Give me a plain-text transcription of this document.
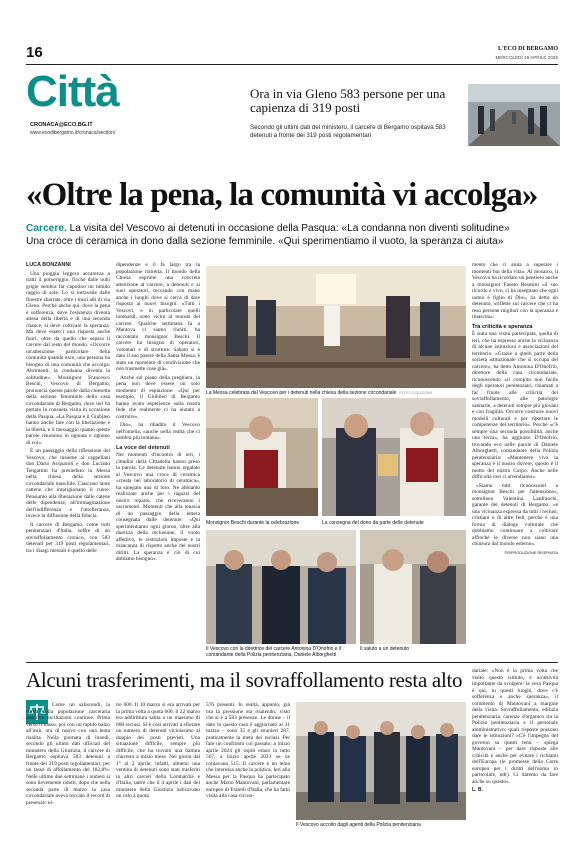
16	L'ECO DI BERGAMO
MERCOLEDÌ 16 APRILE 2025
Città
CRONACA@ECO.BG.IT
www.ecodibergamo.it/cronaca/section/
Ora in via Gleno 583 persone per una capienza di 319 posti
Secondo gli ultimi dati del ministero, il carcere di Bergamo ospitava 583 detenuti a fronte dei 319 posti regolamentari
«Oltre la pena, la comunità vi accolga»
Carcere. La visita del Vescovo ai detenuti in occasione della Pasqua: «La condanna non diventi solitudine»
Una croce di ceramica in dono dalla sezione femminile. «Qui sperimentiamo il vuoto, la speranza ci aiuta»
LUCA BONZANNI

Una pioggia leggera accarezza a tratti il pomeriggio, finché dalle nubi grigie sembra far capolino un timido raggio di sole. Lo si intravede dalle finestre sbarrate, oltre i muri alti di via Gleno. Perché anche qui, dove la pena è sofferenza, dove l'esistenza diventa attesa della libertà e di una seconda chance, si deve coltivare la speranza. Ma deve esserci una risposta anche fuori, oltre da quello che separa il carcere dal resto del mondo. «Occorre un'attenzione particolare della comunità quando esce, una persona ha bisogno di una comunità che accolga. Altrimenti, la condanna diventa la solitudine». Monsignor Francesco Beschi, Vescovo di Bergamo, pronuncia queste parole dalla chiesetta della sezione femminile della casa circondariale di Bergamo, dove ieri ha portato la consueta visita in occasione della Pasqua. «La Pasqua e il Giubileo hanno anche fare con la liberazione e la libertà, e il messaggio quanto queste parole risuonino in ognuna e ognuno di voi».

È un passaggio della riflessione del Vescovo, che insieme ai cappellani don Dario Acquaroli e don Luciano Tengattini ha presieduto la Messa nella chiesa della sezione circondariale maschile. Ciascuno tante cattene che imprigionano il cuore. Pensiamo alla liberazione dalle catene delle dipendenze, all'immaginazione dell'indifferenza e l'intolleranza, invece la diffusione della fiducia.

Il carcere di Bergamo, come tutti penitenziari d'Italia, soffre di un sovraffollamento cronico, con 583 detenuti per 319 posti regolamentari, tra i disagi mentali e quello delle

dipendenze e il fa largo tra la popolazione ristretta. Il mondo della Chiesa esprime una concreta attenzione al carcere, a detenuti e ai suoi operatori, toccando con mano anche i luoghi dove si cerca di dare risposta ai nuovi bisogni: «Tutti i Vescovi, e in particolare quelli lombardi, sono vicini al mondo del carcere. Qualche settimana fa a Mantova ci siamo riuniti, ha raccontato monsignor Beschi. Il carcere ha bisogno di operatori, volontari e di strutture. Sabato si è dato il suo parere della Santa Messa, è stato un momento di condivisione che non trasmette cose già».

Anche sul piano della preghiera, la pena non deve essere un solo momento di espiazione: «Qui per esempio, il Giubileo di Bergamo hanno avuto esperienze sulla nostra fede che realmente ci ha aiutato a costruire».

Dio», ha ribadito il Vescovo nell'omelia, «anche nella realtà che ci sembra più lontana».

La voce dei detenuti

Nei momenti d'incontro di ieri, i cittadini della Cittadella hanno preso la parola. Le detenute hanno regalato al Vescovo una croce di ceramica «creata nel laboratorio di ceramica», ha spiegato una di loro. Ne abbiamo realizzate anche per i ragazzi del nostro reparto, che riceveranno i sacramenti. Momenti che alla tenacia di un passaggio della lettera consegnata dalle detenute: «Qui sperimentiamo ogni giorno, oltre alla durezza della reclusione, il vuoto affettivo, le restrizioni imposte e la mancanza di rispetto anche dei nostri diritti. La speranza è ciò di cui abbiamo bisogno».

La Messa celebrata dal Vescovo per i detenuti nella chiesa della sezione circondariale FOTO COLLEONI
Monsignor Beschi durante la celebrazione	La consegna del dono da parte delle detenute
Il Vescovo con la direttrice del carcere Antonina D'Onofrio e il comandante della Polizia penitenziaria, Daniele Alborghetti
Il saluto a un detenuto

mento che ci aiuta a superare i momenti bui della vita». Al mosaico, il Vescovo ha ricordato un pensiero anche a monsignor Fausto Resmini «il suo ricordo è vivo, ci ha insegnato che ogni uomo è figlio di Dio», ha detto un detenuto, «riflette sul carcere che ci ha reso persone migliori con la speranza e rinascita».

Tra criticità e speranza

È stata una visita partecipata, quella di ieri, che ha espresso anche la vicinanza di alcune istituzioni e associazioni del territorio. «Grazie a quelli parte della società istituzionale che si occupa del carcere», ha detto Antonina D'Onofrio, direttore della casa circondariale, riconoscendo «il compito non facile degli operatori penitenziari, chiamati a far fronte alle criticità del sovraffollamento, alle patologie sanitarie, a detenuti sempre più giovani e con fragilità. Occorre costruire nuovi modelli culturali e per riportare le competenze del territorio». Perché «c'è sempre una seconda possibilità, anche una terza», ha aggiunto D'Onofrio, trovando eco nelle parole di Daniele Alborghetti, comandante della Polizia penitenziaria: «Mantenere viva la speranza è il nostro dovere, questo è il motto del nostro Corpo. Anche nelle difficoltà non ci arrendiamo».

«Siamo tutti riconoscenti a monsignor Beschi per l'attenzione», sottolinea Valentina Lanfranchi, garante dei detenuti di Bergamo: «è una vicinanza espressa da tutti i reclusi, cristiani e di altre fedi, perché è una forma di dialogo culturale che dobbiamo continuare a coltivare affinché le diverse non siano una chiusura dal mondo esterno».

©RIPRODUZIONE RISERVATA
Alcuni trasferimenti, ma il sovraffollamento resta alto
Come un saliscendi, la curva della popolazione carceraria descrive oscillazioni continue. Prima verso il basso, poi con un rapido balzo all'insù, ora di nuovo con una lenta risalita. Nella giornata di lunedì, secondo gli ultimi dati ufficiali del ministero della Giustizia, il carcere di Bergamo ospitava 583 detenuti a fronte dei 319 posti regolamentari, per un tasso di affollamento del 182,8%. Nelle ultime due settimane i numeri si sono lievemente ridotti, dopo che nella seconda parte di marzo la casa circondariale aveva toccato il record di presenze: ol-
tre 600. Il 10 marzo si era arrivati per la prima volta a quota 600, il 22 marzo era addirittura salita a un massimo di 608 reclusi. Si è così arrivati a sfiorare un numero di detenuti vicinissimo al doppio dei posti previsti. Una situazione difficile, sempre più difficile, che ha trovato una battuta d'arresto a inizio mese. Nei giorni dal 1° al 2 aprile, infatti, almeno una ventina di detenuti sono stati trasferiti in altri carceri della Lombardia e d'Italia, tant'è che il 4 aprile i dati del ministero della Giustizia indicavano un calo a quota
576 presenti. In realtà, appunto, già ora la pressione sta risalendo, visto che si è a 583 presenze. Le donne – il dato in questo caso è aggiornato al 31 marzo – sono 35 e gli stranieri 287, praticamente la metà dei reclusi. Per fare un confronto col passato, a inizio aprile 2024 gli ospiti erano in tutto 567, a inizio aprile 2023 se ne contavano 515. Il carcere è un tema che interessa anche la politica. Ieri alla Messa per la Pasqua ha partecipato anche Mario Mantovani, parlamentare europeo di Fratelli d'Italia, che ha fatto visita alla casa circon-
Il Vescovo accolto dagli agenti della Polizia penitenziaria
dariale: «Non è la prima volta che visito questo istituto, è un'attività importante da svolgere: la vera Pasqua è qui, in questi luoghi, dove c'è sofferenza e anche speranza», il commento di Mantovani a margine della visita. Sovraffollamento, edilizia penitenziaria, carenze d'organico tra la Polizia penitenziaria e il personale amministrativo: quali risposte possono dare le istituzioni? «C'è l'impegno del governo su questi temi – spiega Mantovani – per dare risposte alle criticità e anche per evitare i richiami dell'Europa (le promesse della Corte europea per i diritti dell'uomo in particolare, ndr). Ci daremo da fare anche su questo».
L. B.
